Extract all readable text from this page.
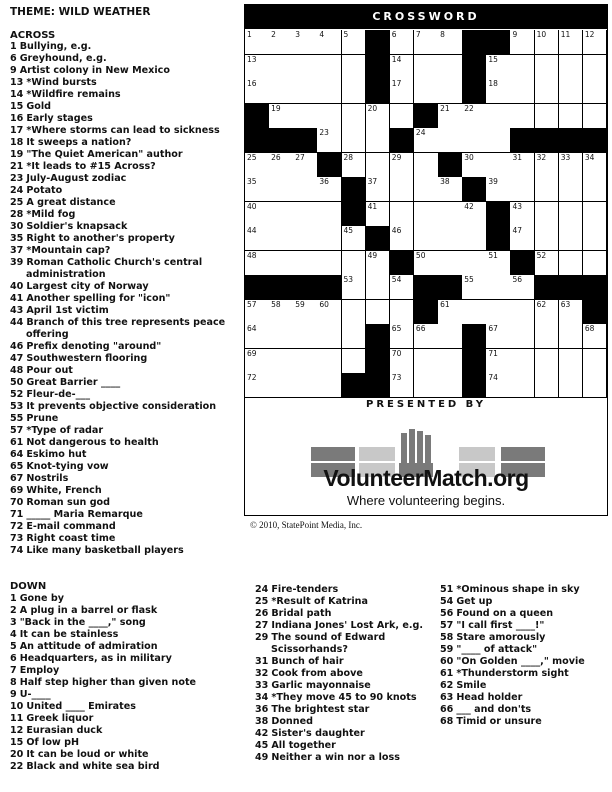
THEME: WILD WEATHER
ACROSS
1 Bullying, e.g.
6 Greyhound, e.g.
9 Artist colony in New Mexico
13 *Wind bursts
14 *Wildfire remains
15 Gold
16 Early stages
17 *Where storms can lead to sickness
18 It sweeps a nation?
19 "The Quiet American" author
21 *It leads to #15 Across?
23 July-August zodiac
24 Potato
25 A great distance
28 *Mild fog
30 Soldier's knapsack
35 Right to another's property
37 *Mountain cap?
39 Roman Catholic Church's central administration
40 Largest city of Norway
41 Another spelling for "icon"
43 April 1st victim
44 Branch of this tree represents peace offering
46 Prefix denoting "around"
47 Southwestern flooring
48 Pour out
50 Great Barrier ____
52 Fleur-de-___
53 It prevents objective consideration
55 Prune
57 *Type of radar
61 Not dangerous to health
64 Eskimo hut
65 Knot-tying vow
67 Nostrils
69 White, French
70 Roman sun god
71 _____ Maria Remarque
72 E-mail command
73 Right coast time
74 Like many basketball players
DOWN
1 Gone by
2 A plug in a barrel or flask
3 "Back in the ____," song
4 It can be stainless
5 An attitude of admiration
6 Headquarters, as in military
7 Employ
8 Half step higher than given note
9 U-____
10 United ____ Emirates
11 Greek liquor
12 Eurasian duck
15 Of low pH
20 It can be loud or white
22 Black and white sea bird
24 Fire-tenders
25 *Result of Katrina
26 Bridal path
27 Indiana Jones' Lost Ark, e.g.
29 The sound of Edward Scissorhands?
31 Bunch of hair
32 Cook from above
33 Garlic mayonnaise
34 *They move 45 to 90 knots
36 The brightest star
38 Donned
42 Sister's daughter
45 All together
49 Neither a win nor a loss
51 *Ominous shape in sky
54 Get up
56 Found on a queen
57 "I call first ____!"
58 Stare amorously
59 "____ of attack"
60 "On Golden ____," movie
61 *Thunderstorm sight
62 Smile
63 Head holder
66 ___ and don'ts
68 Timid or unsure
CROSSWORD
1	2	3	4	5	6	7	8	9	10 11 12
13	14	15
16	17	18
19	20	21 22
23	24
25 26 27	28	29	30	31 32 33 34
35	36	37	38	39
40	41	42	43
44	45	46	47
48	49	50	51	52
53	54	55	56
57 58 59 60	61	62 63
64	65 66	67	68
69	70	71
72	73	74
PRESENTED BY
VolunteerMatch.org
Where volunteering begins.
© 2010, StatePoint Media, Inc.
